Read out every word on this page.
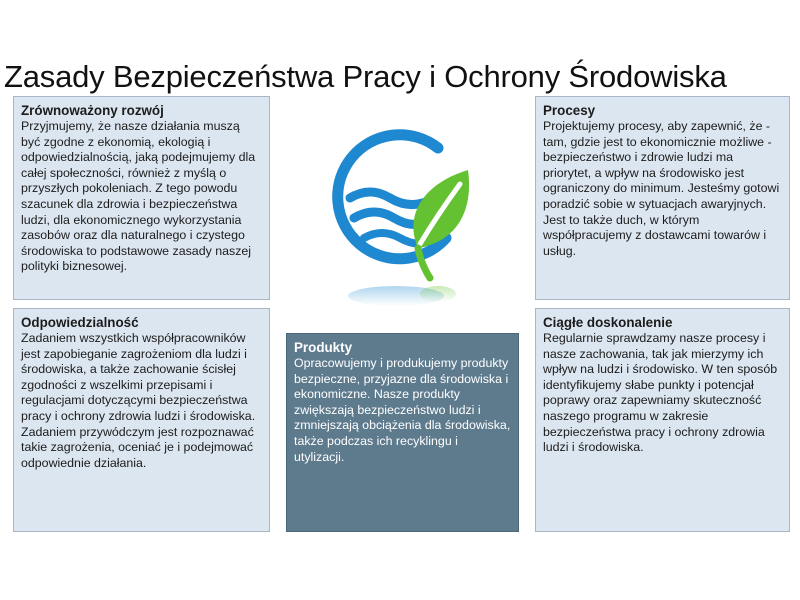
Zasady Bezpieczeństwa Pracy i Ochrony Środowiska
Zrównoważony rozwój
Przyjmujemy, że nasze działania muszą być zgodne z ekonomią, ekologią i odpowiedzialnością, jaką podejmujemy dla całej społeczności, również z myślą o przyszłych pokoleniach. Z tego powodu szacunek dla zdrowia i bezpieczeństwa ludzi, dla ekonomicznego wykorzystania zasobów oraz dla naturalnego i czystego środowiska to podstawowe zasady naszej polityki biznesowej.
Procesy
Projektujemy procesy, aby zapewnić, że - tam, gdzie jest to ekonomicznie możliwe - bezpieczeństwo i zdrowie ludzi ma priorytet, a wpływ na środowisko jest ograniczony do minimum. Jesteśmy gotowi poradzić sobie w sytuacjach awaryjnych. Jest to także duch, w którym współpracujemy z dostawcami towarów i usług.
Odpowiedzialność
Zadaniem wszystkich współpracowników jest zapobieganie zagrożeniom dla ludzi i środowiska, a także zachowanie ścisłej zgodności z wszelkimi przepisami i regulacjami dotyczącymi bezpieczeństwa pracy i ochrony zdrowia ludzi i środowiska. Zadaniem przywódczym jest rozpoznawać takie zagrożenia, oceniać je i podejmować odpowiednie działania.
Produkty
Opracowujemy i produkujemy produkty bezpieczne, przyjazne dla środowiska i ekonomiczne. Nasze produkty zwiększają bezpieczeństwo ludzi i zmniejszają obciążenia dla środowiska, także podczas ich recyklingu i utylizacji.
Ciągłe doskonalenie
Regularnie sprawdzamy nasze procesy i nasze zachowania, tak jak mierzymy ich wpływ na ludzi i środowisko. W ten sposób identyfikujemy słabe punkty i potencjał poprawy oraz zapewniamy skuteczność naszego programu w zakresie bezpieczeństwa pracy i ochrony zdrowia ludzi i środowiska.
